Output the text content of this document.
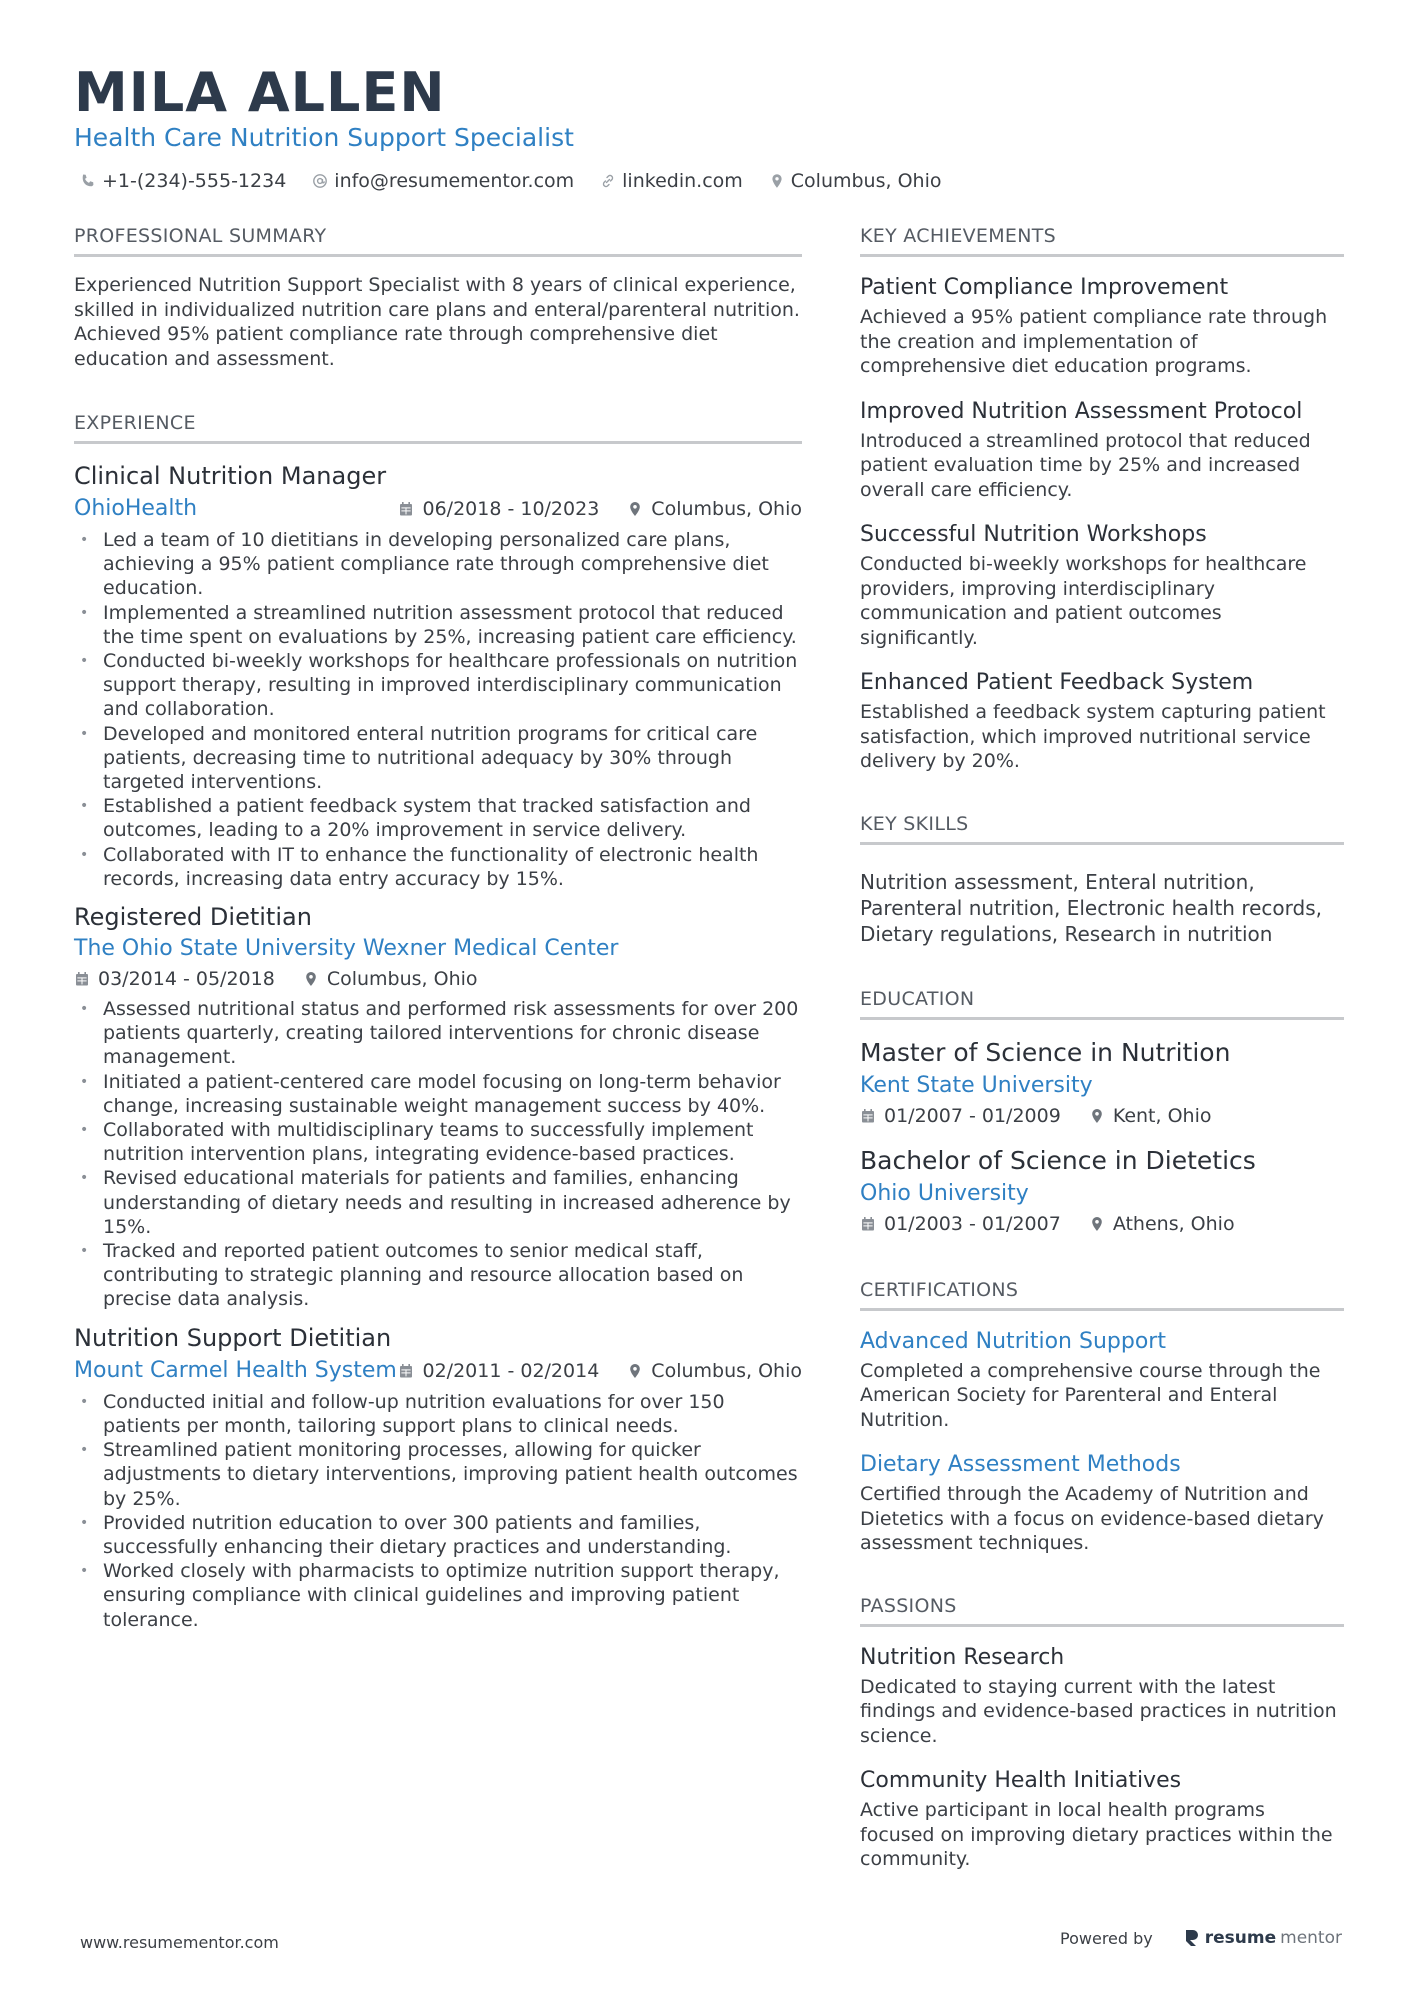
MILA ALLEN
Health Care Nutrition Support Specialist
+1-(234)-555-1234	info@resumementor.com	linkedin.com	Columbus, Ohio
PROFESSIONAL SUMMARY

Experienced Nutrition Support Specialist with 8 years of clinical experience, skilled in individualized nutrition care plans and enteral/parenteral nutrition. Achieved 95% patient compliance rate through comprehensive diet education and assessment.

EXPERIENCE
Clinical Nutrition Manager
OhioHealth	06/2018 - 10/2023	Columbus, Ohio
• Led a team of 10 dietitians in developing personalized care plans, achieving a 95% patient compliance rate through comprehensive diet education.
• Implemented a streamlined nutrition assessment protocol that reduced the time spent on evaluations by 25%, increasing patient care efficiency.
• Conducted bi-weekly workshops for healthcare professionals on nutrition support therapy, resulting in improved interdisciplinary communication and collaboration.
• Developed and monitored enteral nutrition programs for critical care patients, decreasing time to nutritional adequacy by 30% through targeted interventions.
• Established a patient feedback system that tracked satisfaction and outcomes, leading to a 20% improvement in service delivery.
• Collaborated with IT to enhance the functionality of electronic health records, increasing data entry accuracy by 15%.
Registered Dietitian
The Ohio State University Wexner Medical Center
03/2014 - 05/2018	Columbus, Ohio
• Assessed nutritional status and performed risk assessments for over 200 patients quarterly, creating tailored interventions for chronic disease management.
• Initiated a patient-centered care model focusing on long-term behavior change, increasing sustainable weight management success by 40%.
• Collaborated with multidisciplinary teams to successfully implement nutrition intervention plans, integrating evidence-based practices.
• Revised educational materials for patients and families, enhancing understanding of dietary needs and resulting in increased adherence by 15%.
• Tracked and reported patient outcomes to senior medical staff, contributing to strategic planning and resource allocation based on precise data analysis.
Nutrition Support Dietitian
Mount Carmel Health System 02/2011 - 02/2014	Columbus, Ohio
• Conducted initial and follow-up nutrition evaluations for over 150 patients per month, tailoring support plans to clinical needs.
• Streamlined patient monitoring processes, allowing for quicker adjustments to dietary interventions, improving patient health outcomes by 25%.
• Provided nutrition education to over 300 patients and families, successfully enhancing their dietary practices and understanding.
• Worked closely with pharmacists to optimize nutrition support therapy, ensuring compliance with clinical guidelines and improving patient tolerance.
KEY ACHIEVEMENTS
Patient Compliance Improvement

Achieved a 95% patient compliance rate through the creation and implementation of comprehensive diet education programs.

Improved Nutrition Assessment Protocol

Introduced a streamlined protocol that reduced patient evaluation time by 25% and increased overall care efficiency.

Successful Nutrition Workshops

Conducted bi-weekly workshops for healthcare providers, improving interdisciplinary communication and patient outcomes significantly.

Enhanced Patient Feedback System

Established a feedback system capturing patient satisfaction, which improved nutritional service delivery by 20%.

KEY SKILLS

Nutrition assessment, Enteral nutrition, Parenteral nutrition, Electronic health records, Dietary regulations, Research in nutrition

EDUCATION
Master of Science in Nutrition
Kent State University
01/2007 - 01/2009	Kent, Ohio
Bachelor of Science in Dietetics
Ohio University
01/2003 - 01/2007	Athens, Ohio
CERTIFICATIONS
Advanced Nutrition Support

Completed a comprehensive course through the American Society for Parenteral and Enteral Nutrition.

Dietary Assessment Methods

Certified through the Academy of Nutrition and Dietetics with a focus on evidence-based dietary assessment techniques.

PASSIONS
Nutrition Research

Dedicated to staying current with the latest findings and evidence-based practices in nutrition science.

Community Health Initiatives

Active participant in local health programs focused on improving dietary practices within the community.

www.resumementor.com	Powered by	resume mentor
